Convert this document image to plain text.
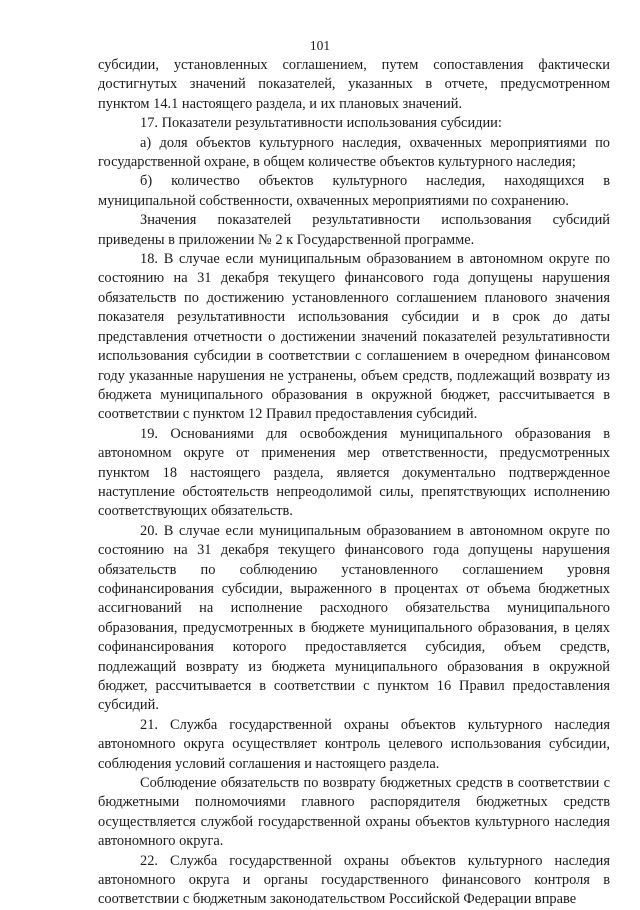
101

субсидии, установленных соглашением, путем сопоставления фактически достигнутых значений показателей, указанных в отчете, предусмотренном пунктом 14.1 настоящего раздела, и их плановых значений.

17. Показатели результативности использования субсидии:

а) доля объектов культурного наследия, охваченных мероприятиями по государственной охране, в общем количестве объектов культурного наследия;

б) количество объектов культурного наследия, находящихся в муниципальной собственности, охваченных мероприятиями по сохранению.

Значения показателей результативности использования субсидий приведены в приложении № 2 к Государственной программе.

18. В случае если муниципальным образованием в автономном округе по состоянию на 31 декабря текущего финансового года допущены нарушения обязательств по достижению установленного соглашением планового значения показателя результативности использования субсидии и в срок до даты представления отчетности о достижении значений показателей результативности использования субсидии в соответствии с соглашением в очередном финансовом году указанные нарушения не устранены, объем средств, подлежащий возврату из бюджета муниципального образования в окружной бюджет, рассчитывается в соответствии с пунктом 12 Правил предоставления субсидий.

19. Основаниями для освобождения муниципального образования в автономном округе от применения мер ответственности, предусмотренных пунктом 18 настоящего раздела, является документально подтвержденное наступление обстоятельств непреодолимой силы, препятствующих исполнению соответствующих обязательств.

20. В случае если муниципальным образованием в автономном округе по состоянию на 31 декабря текущего финансового года допущены нарушения обязательств по соблюдению установленного соглашением уровня софинансирования субсидии, выраженного в процентах от объема бюджетных ассигнований на исполнение расходного обязательства муниципального образования, предусмотренных в бюджете муниципального образования, в целях софинансирования которого предоставляется субсидия, объем средств, подлежащий возврату из бюджета муниципального образования в окружной бюджет, рассчитывается в соответствии с пунктом 16 Правил предоставления субсидий.

21. Служба государственной охраны объектов культурного наследия автономного округа осуществляет контроль целевого использования субсидии, соблюдения условий соглашения и настоящего раздела.

Соблюдение обязательств по возврату бюджетных средств в соответствии с бюджетными полномочиями главного распорядителя бюджетных средств осуществляется службой государственной охраны объектов культурного наследия автономного округа.

22. Служба государственной охраны объектов культурного наследия автономного округа и органы государственного финансового контроля в соответствии с бюджетным законодательством Российской Федерации вправе
